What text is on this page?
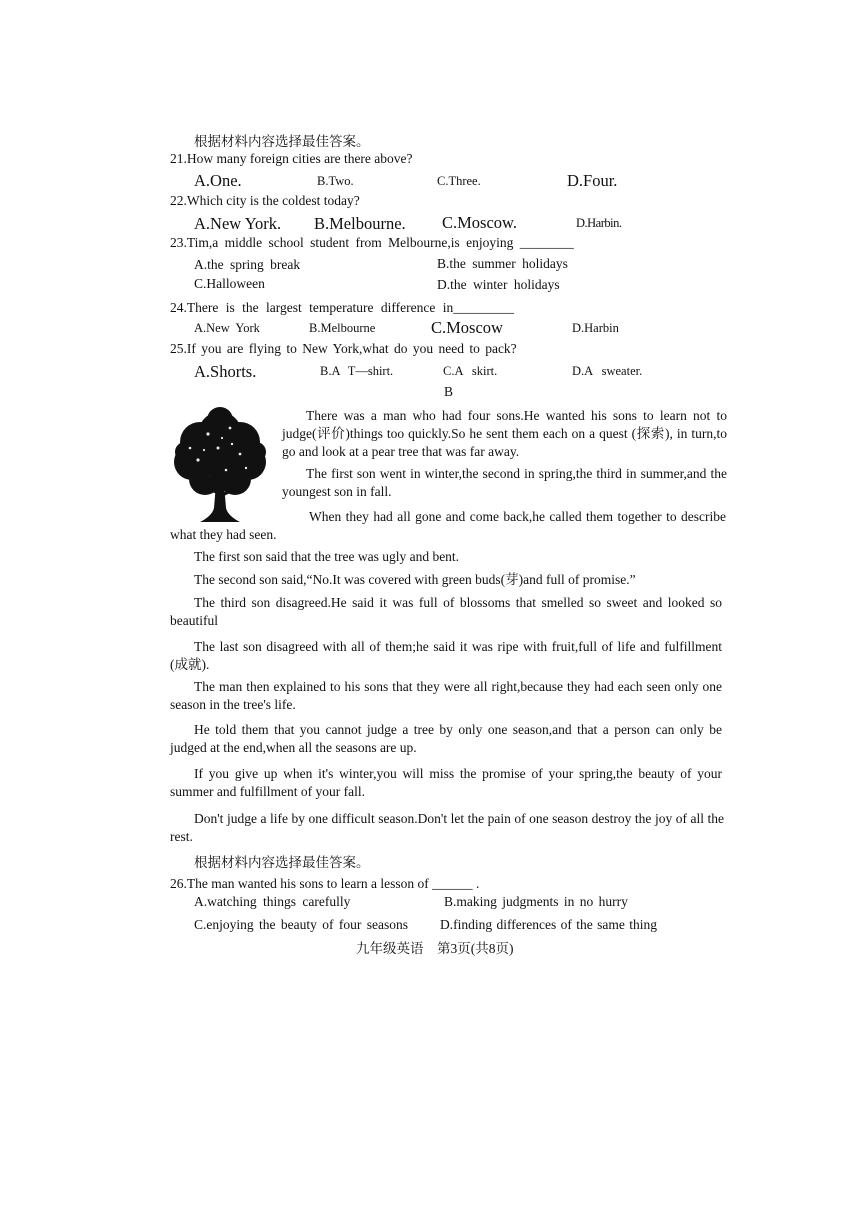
根据材料内容选择最佳答案。
21.How many foreign cities are there above?
A.One.	B.Two.	C.Three.	D.Four.
22.Which city is the coldest today?
A.New York. B.Melbourne. C.Moscow.	D.Harbin.
23.Tim,a middle school student from Melbourne,is enjoying ________
A.the spring break	B.the summer holidays
C.Halloween	D.the winter holidays
24.There is the largest temperature difference in_________
A.New York	B.Melbourne	C.Moscow	D.Harbin
25.If you are flying to New York,what do you need to pack?
A.Shorts.	B.A T—shirt.	C.A skirt.	D.A sweater.
B
There was a man who had four sons.He wanted his sons to learn not to judge(评价)things too quickly.So he sent them each on a quest (探索), in turn,to go and look at a pear tree that was far away.
The first son went in winter,the second in spring,the third in summer,and the youngest son in fall.
When they had all gone and come back,he called them together to describe what they had seen.
The first son said that the tree was ugly and bent.
The second son said,“No.It was covered with green buds(芽)and full of promise.”
The third son disagreed.He said it was full of blossoms that smelled so sweet and looked so beautiful
The last son disagreed with all of them;he said it was ripe with fruit,full of life and fulfillment (成就).
The man then explained to his sons that they were all right,because they had each seen only one season in the tree's life.
He told them that you cannot judge a tree by only one season,and that a person can only be judged at the end,when all the seasons are up.
If you give up when it's winter,you will miss the promise of your spring,the beauty of your summer and fulfillment of your fall.
Don't judge a life by one difficult season.Don't let the pain of one season destroy the joy of all the rest.
根据材料内容选择最佳答案。
26.The man wanted his sons to learn a lesson of ______ .
A.watching things carefully	B.making judgments in no hurry
C.enjoying the beauty of four seasons D.finding differences of the same thing
九年级英语　第3页(共8页)
